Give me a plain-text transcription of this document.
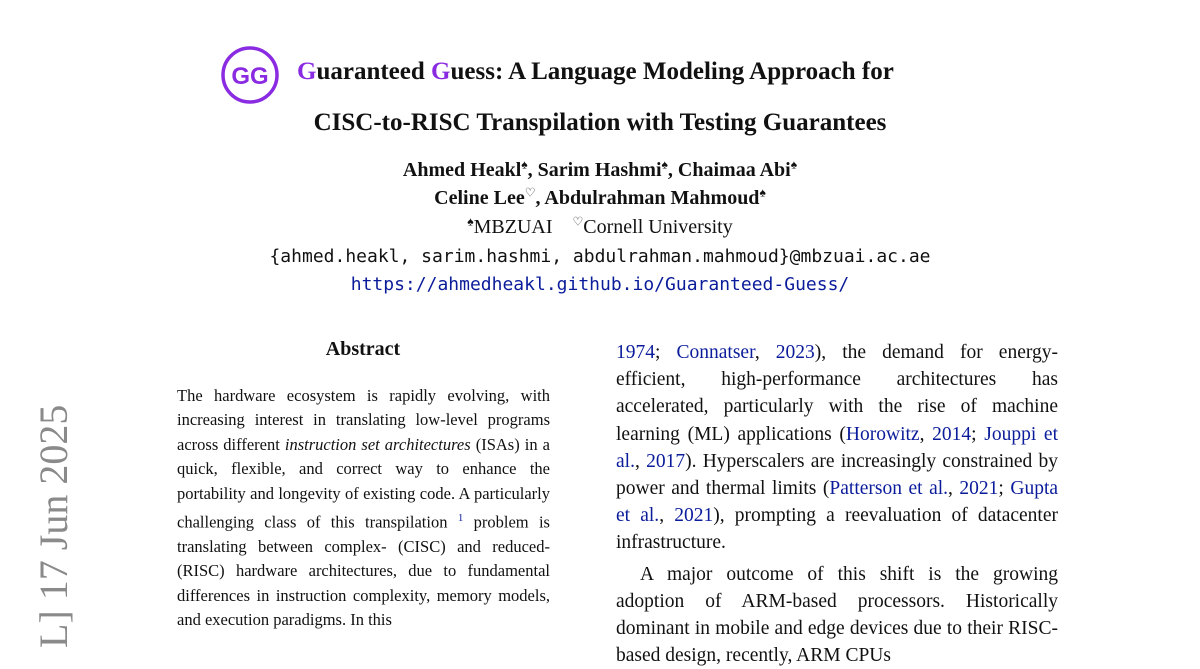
GG Guaranteed Guess: A Language Modeling Approach for
CISC-to-RISC Transpilation with Testing Guarantees
Ahmed Heakl♠, Sarim Hashmi♠, Chaimaa Abi♠
Celine Lee♡, Abdulrahman Mahmoud♠
♠MBZUAI ♡Cornell University
{ahmed.heakl, sarim.hashmi, abdulrahman.mahmoud}@mbzuai.ac.ae
https://ahmedheakl.github.io/Guaranteed-Guess/
Abstract

The hardware ecosystem is rapidly evolving, with increasing interest in translating low-level programs across different instruction set architectures (ISAs) in a quick, flexible, and correct way to enhance the portability and longevity of existing code. A particularly challenging class of this transpilation $^1$ problem is translating between complex- (CISC) and reduced- (RISC) hardware architectures, due to fundamental differences in instruction complexity, memory models, and execution paradigms. In this

1974; Connatser, 2023), the demand for energy-efficient, high-performance architectures has accelerated, particularly with the rise of machine learning (ML) applications (Horowitz, 2014; Jouppi et al., 2017). Hyperscalers are increasingly constrained by power and thermal limits (Patterson et al., 2021; Gupta et al., 2021), prompting a reevaluation of datacenter infrastructure.

A major outcome of this shift is the growing adoption of ARM-based processors. Historically dominant in mobile and edge devices due to their RISC-based design, recently, ARM CPUs

L] 17 Jun 2025
